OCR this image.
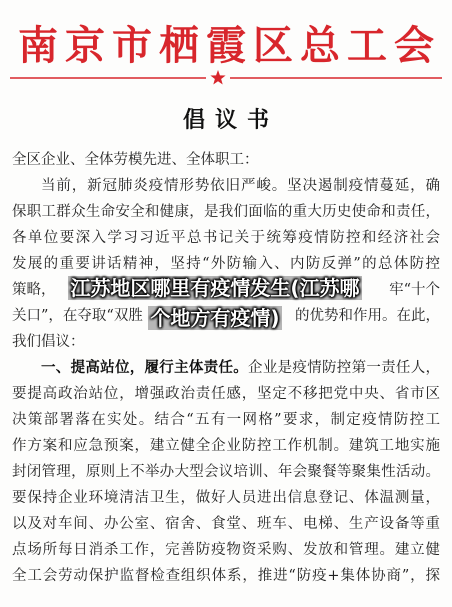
南京市栖霞区总工会
倡议书
全区企业、全体劳模先进、全体职工：
当前，新冠肺炎疫情形势依旧严峻。坚决遏制疫情蔓延，确
保职工群众生命安全和健康，是我们面临的重大历史使命和责任，
各单位要深入学习习近平总书记关于统筹疫情防控和经济社会
发展的重要讲话精神，坚持“外防输入、内防反弹”的总体防控
策略，	牢“十个
关口”，在夺取“双胜	的优势和作用。在此，
我们倡议：
一、提高站位，履行主体责任。企业是疫情防控第一责任人，
要提高政治站位，增强政治责任感，坚定不移把党中央、省市区
决策部署落在实处。结合“五有一网格”要求，制定疫情防控工
作方案和应急预案，建立健全企业防控工作机制。建筑工地实施
封闭管理，原则上不举办大型会议培训、年会聚餐等聚集性活动。
要保持企业环境清洁卫生，做好人员进出信息登记、体温测量，
以及对车间、办公室、宿舍、食堂、班车、电梯、生产设备等重
点场所每日消杀工作，完善防疫物资采购、发放和管理。建立健
全工会劳动保护监督检查组织体系，推进“防疫+集体协商”，探
江苏地区哪里有疫情发生(江苏哪
个地方有疫情)
